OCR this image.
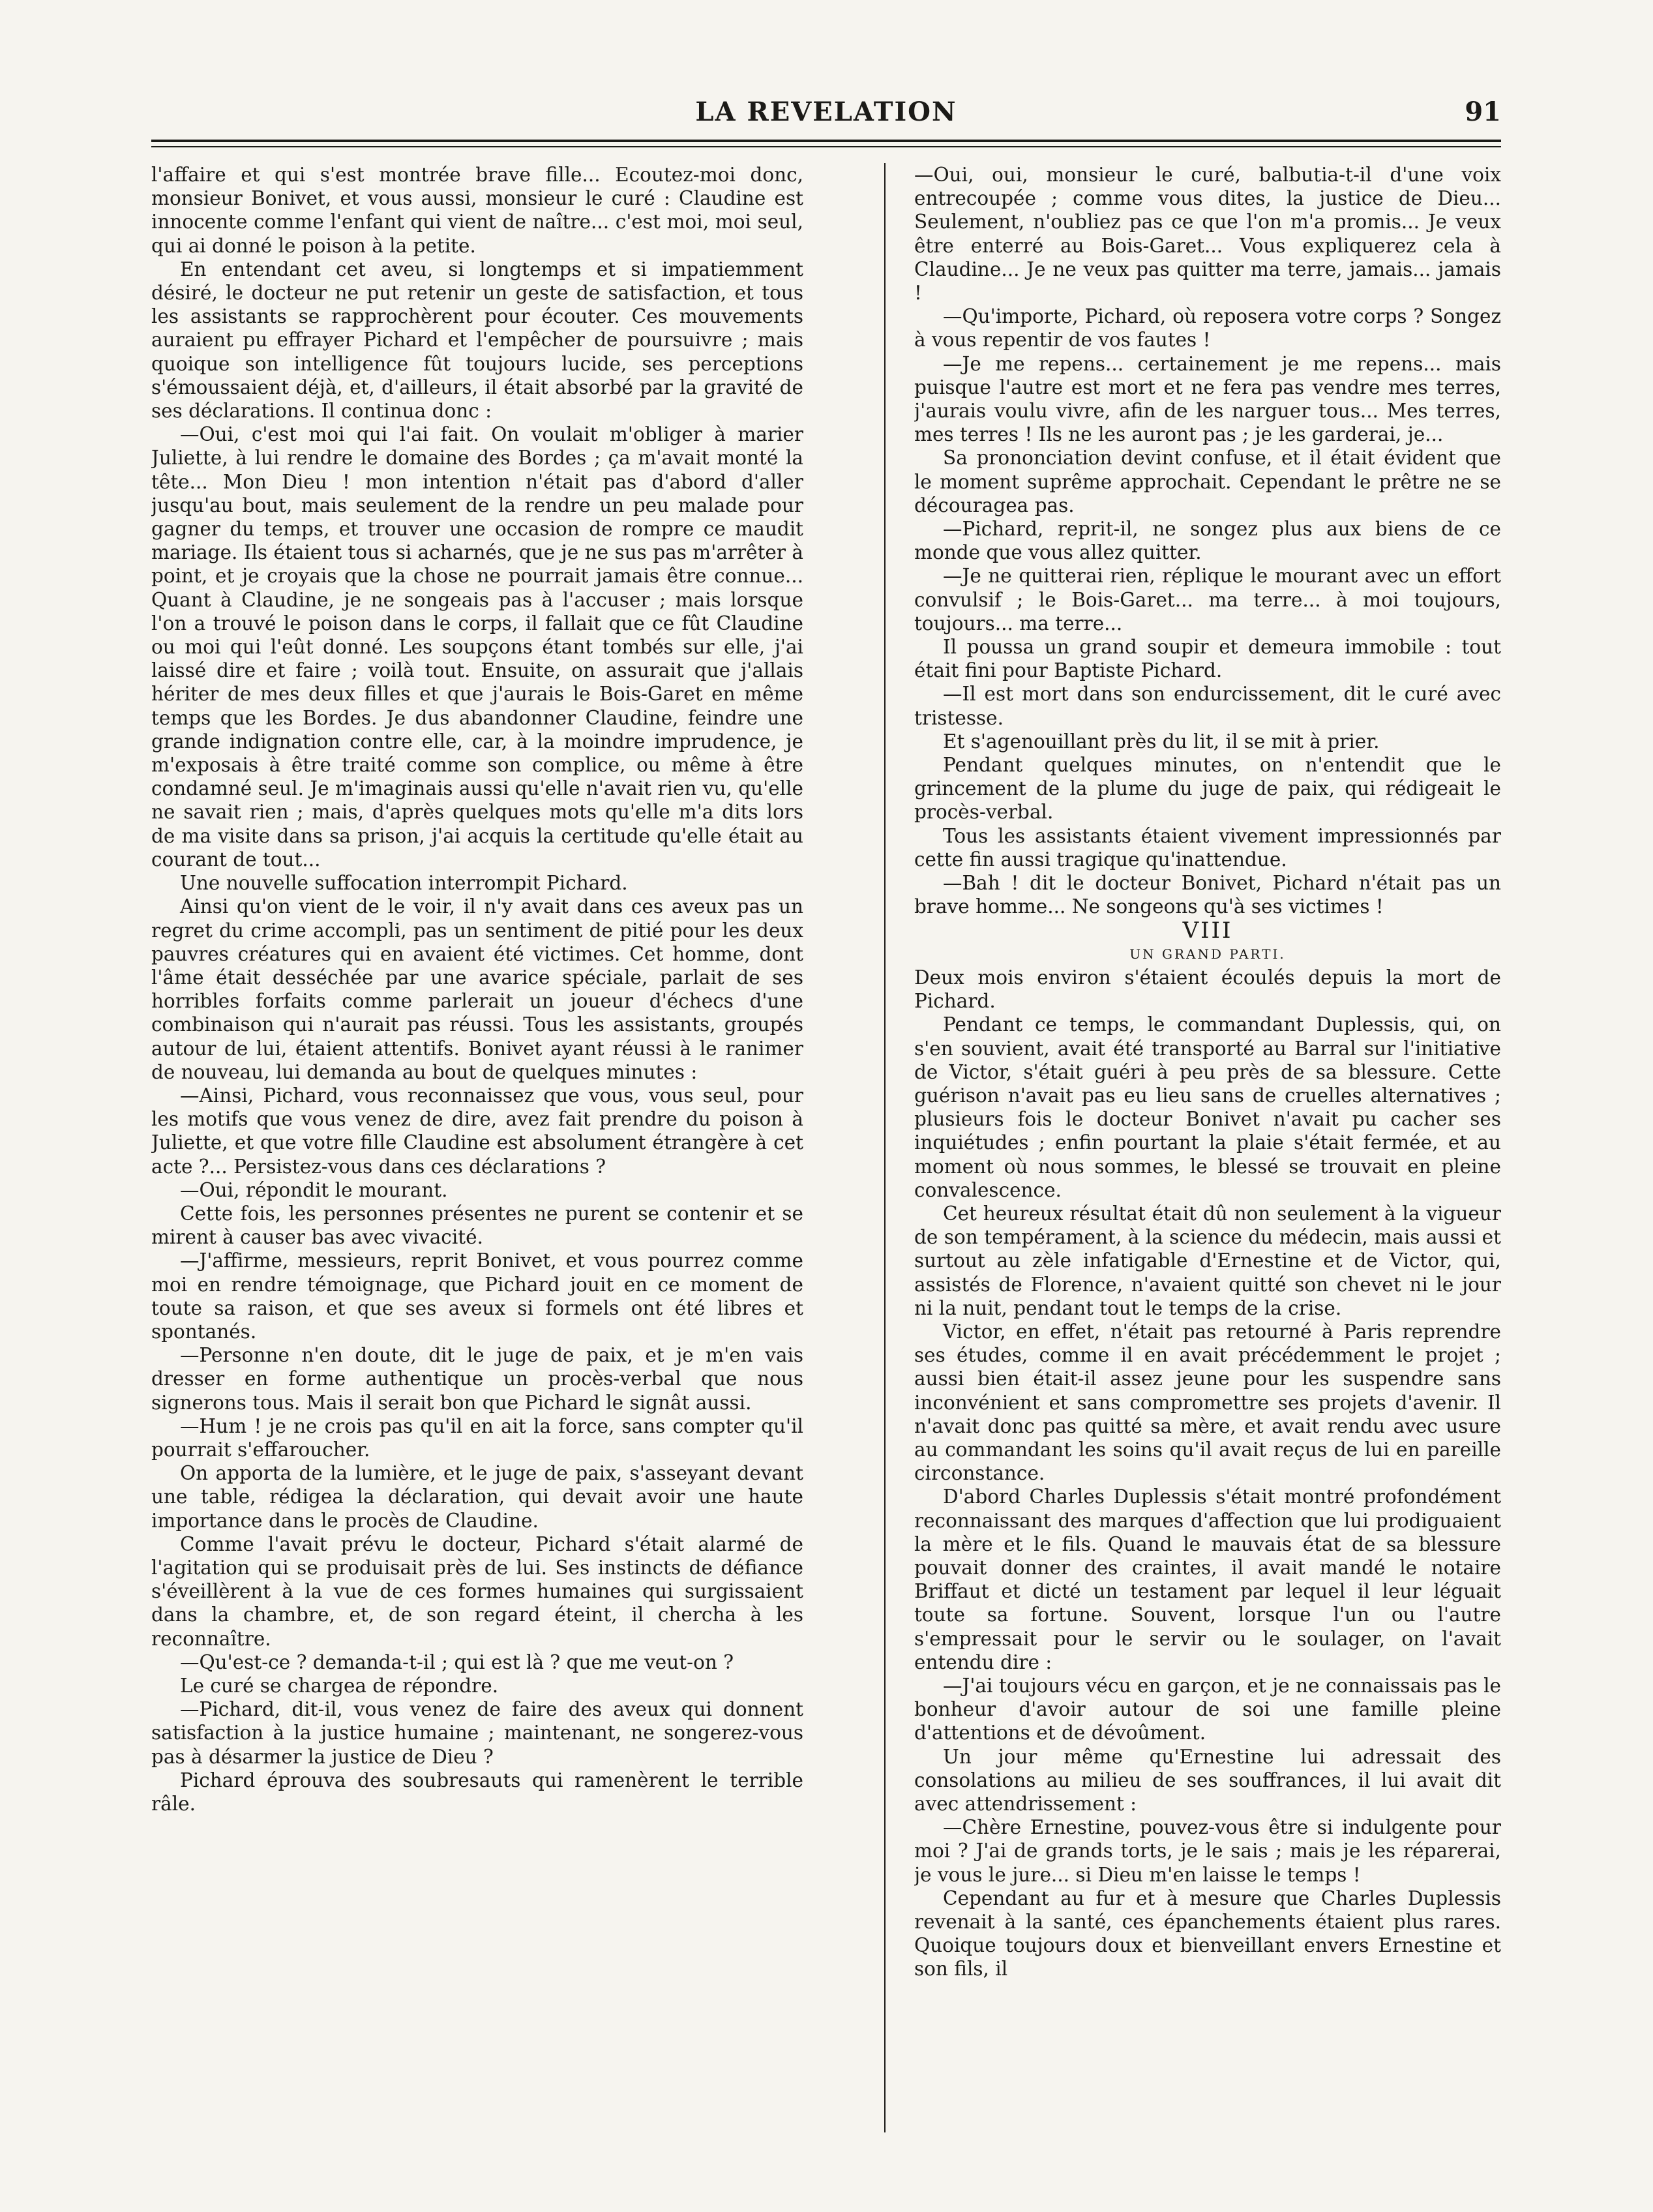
LA REVELATION	91

l'affaire et qui s'est montrée brave fille... Ecoutez-moi donc, monsieur Bonivet, et vous aussi, monsieur le curé : Claudine est innocente comme l'enfant qui vient de naître... c'est moi, moi seul, qui ai donné le poison à la petite.

En entendant cet aveu, si longtemps et si impatiemment désiré, le docteur ne put retenir un geste de satisfaction, et tous les assistants se rapprochèrent pour écouter. Ces mouvements auraient pu effrayer Pichard et l'empêcher de poursuivre ; mais quoique son intelligence fût toujours lucide, ses perceptions s'émoussaient déjà, et, d'ailleurs, il était absorbé par la gravité de ses déclarations. Il continua donc :

—Oui, c'est moi qui l'ai fait. On voulait m'obliger à marier Juliette, à lui rendre le domaine des Bordes ; ça m'avait monté la tête... Mon Dieu ! mon intention n'était pas d'abord d'aller jusqu'au bout, mais seulement de la rendre un peu malade pour gagner du temps, et trouver une occasion de rompre ce maudit mariage. Ils étaient tous si acharnés, que je ne sus pas m'arrêter à point, et je croyais que la chose ne pourrait jamais être connue... Quant à Claudine, je ne songeais pas à l'accuser ; mais lorsque l'on a trouvé le poison dans le corps, il fallait que ce fût Claudine ou moi qui l'eût donné. Les soupçons étant tombés sur elle, j'ai laissé dire et faire ; voilà tout. Ensuite, on assurait que j'allais hériter de mes deux filles et que j'aurais le Bois-Garet en même temps que les Bordes. Je dus abandonner Claudine, feindre une grande indignation contre elle, car, à la moindre imprudence, je m'exposais à être traité comme son complice, ou même à être condamné seul. Je m'imaginais aussi qu'elle n'avait rien vu, qu'elle ne savait rien ; mais, d'après quelques mots qu'elle m'a dits lors de ma visite dans sa prison, j'ai acquis la certitude qu'elle était au courant de tout...

Une nouvelle suffocation interrompit Pichard.

Ainsi qu'on vient de le voir, il n'y avait dans ces aveux pas un regret du crime accompli, pas un sentiment de pitié pour les deux pauvres créatures qui en avaient été victimes. Cet homme, dont l'âme était desséchée par une avarice spéciale, parlait de ses horribles forfaits comme parlerait un joueur d'échecs d'une combinaison qui n'aurait pas réussi. Tous les assistants, groupés autour de lui, étaient attentifs. Bonivet ayant réussi à le ranimer de nouveau, lui demanda au bout de quelques minutes :

—Ainsi, Pichard, vous reconnaissez que vous, vous seul, pour les motifs que vous venez de dire, avez fait prendre du poison à Juliette, et que votre fille Claudine est absolument étrangère à cet acte ?... Persistez-vous dans ces déclarations ?

—Oui, répondit le mourant.

Cette fois, les personnes présentes ne purent se contenir et se mirent à causer bas avec vivacité.

—J'affirme, messieurs, reprit Bonivet, et vous pourrez comme moi en rendre témoignage, que Pichard jouit en ce moment de toute sa raison, et que ses aveux si formels ont été libres et spontanés.

—Personne n'en doute, dit le juge de paix, et je m'en vais dresser en forme authentique un procès-verbal que nous signerons tous. Mais il serait bon que Pichard le signât aussi.

—Hum ! je ne crois pas qu'il en ait la force, sans compter qu'il pourrait s'effaroucher.

On apporta de la lumière, et le juge de paix, s'asseyant devant une table, rédigea la déclaration, qui devait avoir une haute importance dans le procès de Claudine.

Comme l'avait prévu le docteur, Pichard s'était alarmé de l'agitation qui se produisait près de lui. Ses instincts de défiance s'éveillèrent à la vue de ces formes humaines qui surgissaient dans la chambre, et, de son regard éteint, il chercha à les reconnaître.

—Qu'est-ce ? demanda-t-il ; qui est là ? que me veut-on ?

Le curé se chargea de répondre.

—Pichard, dit-il, vous venez de faire des aveux qui donnent satisfaction à la justice humaine ; maintenant, ne songerez-vous pas à désarmer la justice de Dieu ?

Pichard éprouva des soubresauts qui ramenèrent le terrible râle.

—Oui, oui, monsieur le curé, balbutia-t-il d'une voix entrecoupée ; comme vous dites, la justice de Dieu... Seulement, n'oubliez pas ce que l'on m'a promis... Je veux être enterré au Bois-Garet... Vous expliquerez cela à Claudine... Je ne veux pas quitter ma terre, jamais... jamais !

—Qu'importe, Pichard, où reposera votre corps ? Songez à vous repentir de vos fautes !

—Je me repens... certainement je me repens... mais puisque l'autre est mort et ne fera pas vendre mes terres, j'aurais voulu vivre, afin de les narguer tous... Mes terres, mes terres ! Ils ne les auront pas ; je les garderai, je...

Sa prononciation devint confuse, et il était évident que le moment suprême approchait. Cependant le prêtre ne se découragea pas.

—Pichard, reprit-il, ne songez plus aux biens de ce monde que vous allez quitter.

—Je ne quitterai rien, réplique le mourant avec un effort convulsif ; le Bois-Garet... ma terre... à moi toujours, toujours... ma terre...

Il poussa un grand soupir et demeura immobile : tout était fini pour Baptiste Pichard.

—Il est mort dans son endurcissement, dit le curé avec tristesse.

Et s'agenouillant près du lit, il se mit à prier.

Pendant quelques minutes, on n'entendit que le grincement de la plume du juge de paix, qui rédigeait le procès-verbal.

Tous les assistants étaient vivement impressionnés par cette fin aussi tragique qu'inattendue.

—Bah ! dit le docteur Bonivet, Pichard n'était pas un brave homme... Ne songeons qu'à ses victimes !

VIII

UN GRAND PARTI.

Deux mois environ s'étaient écoulés depuis la mort de Pichard.

Pendant ce temps, le commandant Duplessis, qui, on s'en souvient, avait été transporté au Barral sur l'initiative de Victor, s'était guéri à peu près de sa blessure. Cette guérison n'avait pas eu lieu sans de cruelles alternatives ; plusieurs fois le docteur Bonivet n'avait pu cacher ses inquiétudes ; enfin pourtant la plaie s'était fermée, et au moment où nous sommes, le blessé se trouvait en pleine convalescence.

Cet heureux résultat était dû non seulement à la vigueur de son tempérament, à la science du médecin, mais aussi et surtout au zèle infatigable d'Ernestine et de Victor, qui, assistés de Florence, n'avaient quitté son chevet ni le jour ni la nuit, pendant tout le temps de la crise.

Victor, en effet, n'était pas retourné à Paris reprendre ses études, comme il en avait précédemment le projet ; aussi bien était-il assez jeune pour les suspendre sans inconvénient et sans compromettre ses projets d'avenir. Il n'avait donc pas quitté sa mère, et avait rendu avec usure au commandant les soins qu'il avait reçus de lui en pareille circonstance.

D'abord Charles Duplessis s'était montré profondément reconnaissant des marques d'affection que lui prodiguaient la mère et le fils. Quand le mauvais état de sa blessure pouvait donner des craintes, il avait mandé le notaire Briffaut et dicté un testament par lequel il leur léguait toute sa fortune. Souvent, lorsque l'un ou l'autre s'empressait pour le servir ou le soulager, on l'avait entendu dire :

—J'ai toujours vécu en garçon, et je ne connaissais pas le bonheur d'avoir autour de soi une famille pleine d'attentions et de dévoûment.

Un jour même qu'Ernestine lui adressait des consolations au milieu de ses souffrances, il lui avait dit avec attendrissement :

—Chère Ernestine, pouvez-vous être si indulgente pour moi ? J'ai de grands torts, je le sais ; mais je les réparerai, je vous le jure... si Dieu m'en laisse le temps !

Cependant au fur et à mesure que Charles Duplessis revenait à la santé, ces épanchements étaient plus rares. Quoique toujours doux et bienveillant envers Ernestine et son fils, il
